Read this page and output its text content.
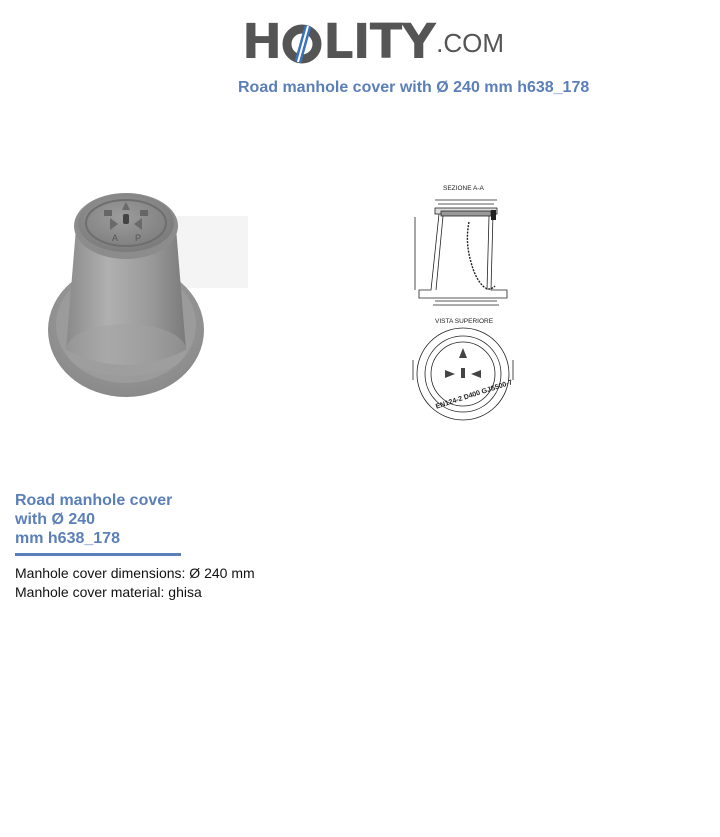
H LITY .COM
Road manhole cover with Ø 240 mm h638_178
A P
SEZIONE A-A
VISTA SUPERIORE
EN124-2 D400 GJS500-7
Road manhole cover
with Ø 240
mm h638_178
Manhole cover dimensions: Ø 240 mm
Manhole cover material: ghisa
